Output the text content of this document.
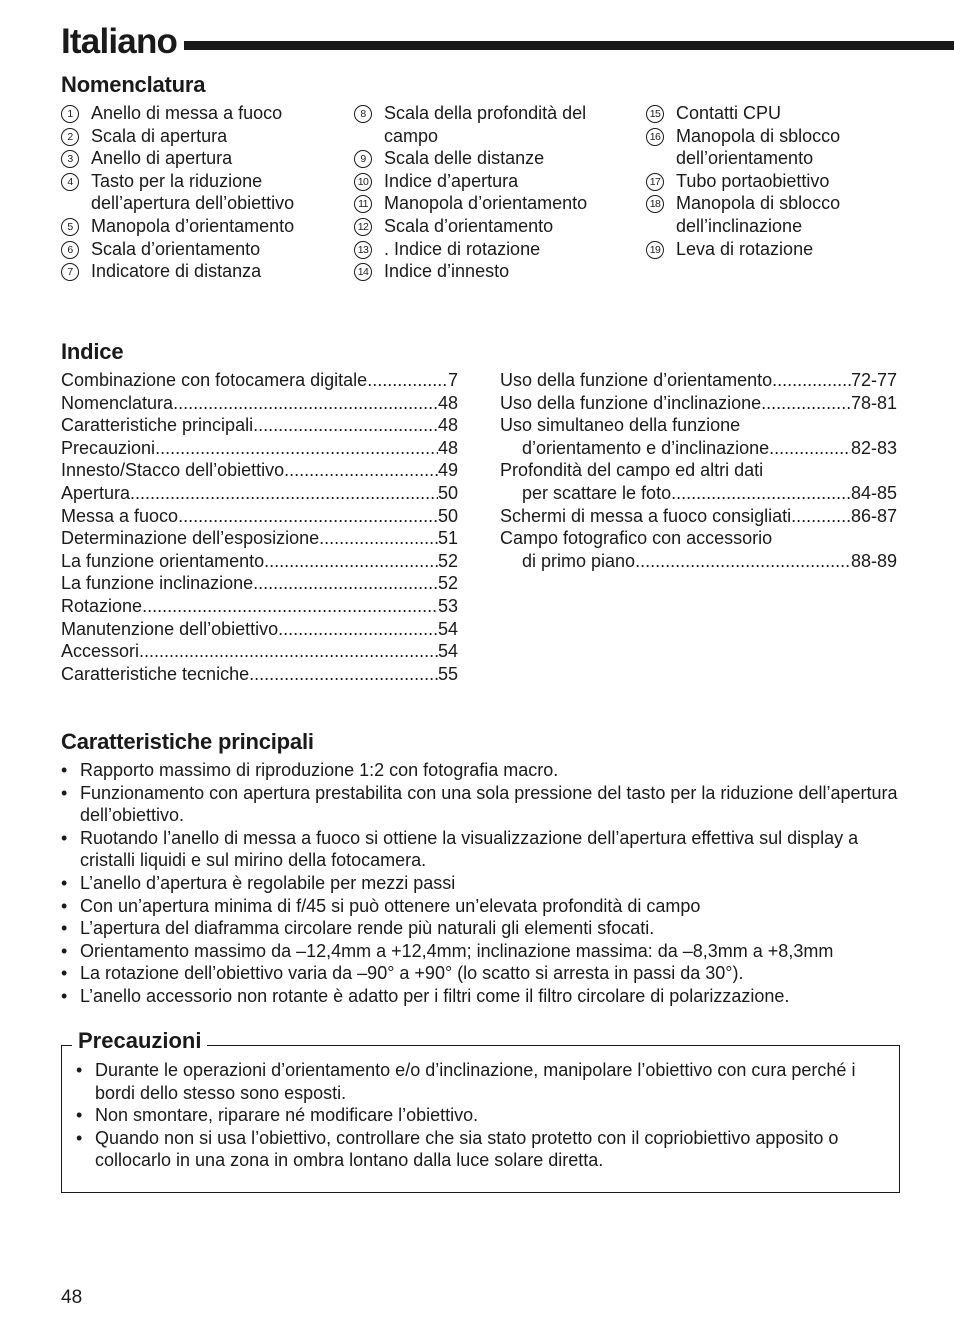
Italiano
Nomenclatura
1	Anello di messa a fuoco
2	Scala di apertura
3	Anello di apertura
4	Tasto per la riduzione dell’apertura dell’obiettivo
5	Manopola d’orientamento
6	Scala d’orientamento
7	Indicatore di distanza
8	Scala della profondità del campo
9	Scala delle distanze
10 Indice d’apertura
11 Manopola d’orientamento
12 Scala d’orientamento
13 . Indice di rotazione
14 Indice d’innesto
15 Contatti CPU
16 Manopola di sblocco dell’orientamento
17 Tubo portaobiettivo
18 Manopola di sblocco dell’inclinazione
19 Leva di rotazione
Indice
Combinazione con fotocamera digitale .....	7
Nomenclatura .....	48
Caratteristiche principali .....	48
Precauzioni .....	48
Innesto/Stacco dell’obiettivo .....	49
Apertura .....	50
Messa a fuoco .....	50
Determinazione dell’esposizione .....	51
La funzione orientamento .....	52
La funzione inclinazione .....	52
Rotazione .....	53
Manutenzione dell’obiettivo .....	54
Accessori .....	54
Caratteristiche tecniche .....	55
Uso della funzione d’orientamento .....	72-77
Uso della funzione d’inclinazione .....	78-81
Uso simultaneo della funzione
d’orientamento e d’inclinazione .....	82-83
Profondità del campo ed altri dati
per scattare le foto .....	84-85
Schermi di messa a fuoco consigliati .....	86-87
Campo fotografico con accessorio
di primo piano .....	88-89
Caratteristiche principali
• Rapporto massimo di riproduzione 1:2 con fotografia macro.
• Funzionamento con apertura prestabilita con una sola pressione del tasto per la riduzione dell’apertura dell’obiettivo.
• Ruotando l’anello di messa a fuoco si ottiene la visualizzazione dell’apertura effettiva sul display a cristalli liquidi e sul mirino della fotocamera.
• L’anello d’apertura è regolabile per mezzi passi
• Con un’apertura minima di f/45 si può ottenere un’elevata profondità di campo
• L’apertura del diaframma circolare rende più naturali gli elementi sfocati.
• Orientamento massimo da –12,4mm a +12,4mm; inclinazione massima: da –8,3mm a +8,3mm
• La rotazione dell’obiettivo varia da –90° a +90° (lo scatto si arresta in passi da 30°).
• L’anello accessorio non rotante è adatto per i filtri come il filtro circolare di polarizzazione.
Precauzioni
• Durante le operazioni d’orientamento e/o d’inclinazione, manipolare l’obiettivo con cura perché i bordi dello stesso sono esposti.
• Non smontare, riparare né modificare l’obiettivo.
• Quando non si usa l’obiettivo, controllare che sia stato protetto con il copriobiettivo apposito o collocarlo in una zona in ombra lontano dalla luce solare diretta.
48
